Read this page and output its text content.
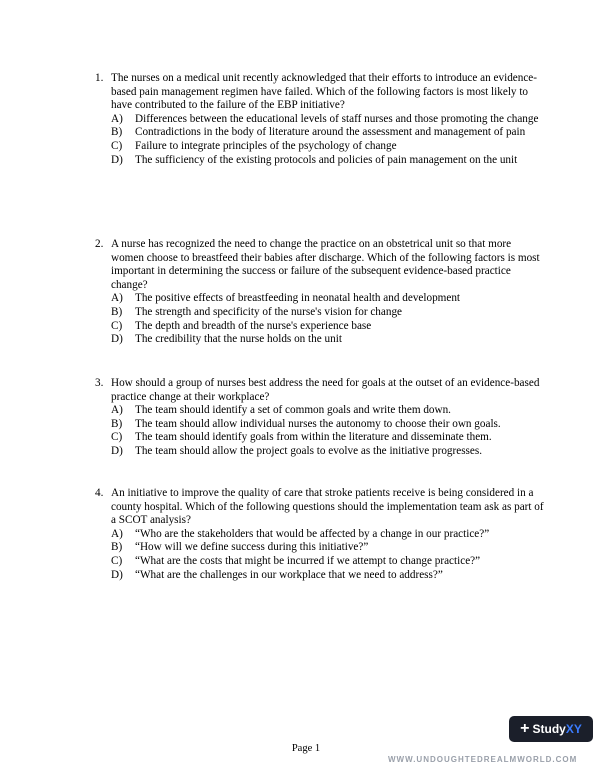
1. The nurses on a medical unit recently acknowledged that their efforts to introduce an evidence-based pain management regimen have failed. Which of the following factors is most likely to have contributed to the failure of the EBP initiative?
A)	Differences between the educational levels of staff nurses and those promoting the change
B)	Contradictions in the body of literature around the assessment and management of pain
C)	Failure to integrate principles of the psychology of change
D)	The sufficiency of the existing protocols and policies of pain management on the unit
2. A nurse has recognized the need to change the practice on an obstetrical unit so that more women choose to breastfeed their babies after discharge. Which of the following factors is most important in determining the success or failure of the subsequent evidence-based practice change?
A)	The positive effects of breastfeeding in neonatal health and development
B)	The strength and specificity of the nurse's vision for change
C)	The depth and breadth of the nurse's experience base
D)	The credibility that the nurse holds on the unit
3. How should a group of nurses best address the need for goals at the outset of an evidence-based practice change at their workplace?
A)	The team should identify a set of common goals and write them down.
B)	The team should allow individual nurses the autonomy to choose their own goals.
C)	The team should identify goals from within the literature and disseminate them.
D)	The team should allow the project goals to evolve as the initiative progresses.
4. An initiative to improve the quality of care that stroke patients receive is being considered in a county hospital. Which of the following questions should the implementation team ask as part of a SCOT analysis?
A)	“Who are the stakeholders that would be affected by a change in our practice?”
B)	“How will we define success during this initiative?”
C)	“What are the costs that might be incurred if we attempt to change practice?”
D)	“What are the challenges in our workplace that we need to address?”
+ Study XY
Page 1
WWW.UNDOUGHTEDREALMWORLD.COM
